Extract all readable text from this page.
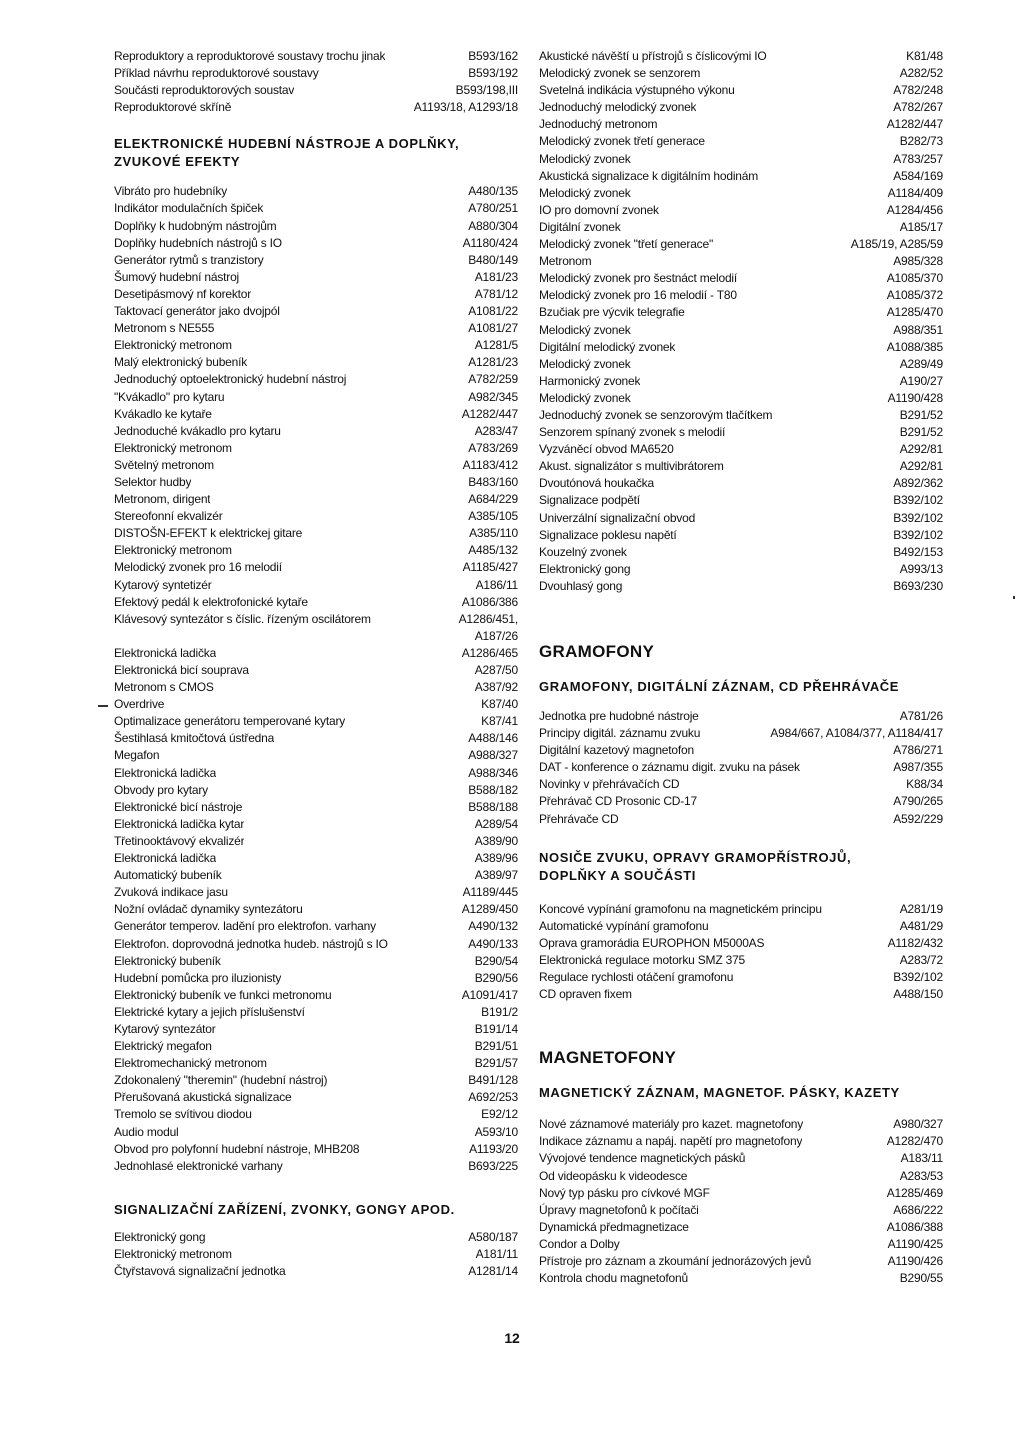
Reproduktory a reproduktorové soustavy trochu jinak	B593/162
Příklad návrhu reproduktorové soustavy	B593/192
Součásti reproduktorových soustav	B593/198,III
Reproduktorové skříně	A1193/18, A1293/18
ELEKTRONICKÉ HUDEBNÍ NÁSTROJE A DOPLŇKY,
ZVUKOVÉ EFEKTY
Vibráto pro hudebníky	A480/135
Indikátor modulačních špiček	A780/251
Doplňky k hudobným nástrojům	A880/304
Doplňky hudebních nástrojů s IO	A1180/424
Generátor rytmů s tranzistory	B480/149
Šumový hudební nástroj	A181/23
Desetipásmový nf korektor	A781/12
Taktovací generátor jako dvojpól	A1081/22
Metronom s NE555	A1081/27
Elektronický metronom	A1281/5
Malý elektronický bubeník	A1281/23
Jednoduchý optoelektronický hudební nástroj	A782/259
"Kvákadlo" pro kytaru	A982/345
Kvákadlo ke kytaře	A1282/447
Jednoduché kvákadlo pro kytaru	A283/47
Elektronický metronom	A783/269
Světelný metronom	A1183/412
Selektor hudby	B483/160
Metronom, dirigent	A684/229
Stereofonní ekvalizér	A385/105
DISTOŠN-EFEKT k elektrickej gitare	A385/110
Elektronický metronom	A485/132
Melodický zvonek pro 16 melodií	A1185/427
Kytarový syntetizér	A186/11
Efektový pedál k elektrofonické kytaře	A1086/386
Klávesový syntezátor s číslic. řízeným oscilátorem	A1286/451,
A187/26
Elektronická ladička	A1286/465
Elektronická bicí souprava	A287/50
Metronom s CMOS	A387/92
Overdrive	K87/40
Optimalizace generátoru temperované kytary	K87/41
Šestihlasá kmitočtová ústředna	A488/146
Megafon	A988/327
Elektronická ladička	A988/346
Obvody pro kytary	B588/182
Elektronické bicí nástroje	B588/188
Elektronická ladička kytar	A289/54
Třetinooktávový ekvalizér	A389/90
Elektronická ladička	A389/96
Automatický bubeník	A389/97
Zvuková indikace jasu	A1189/445
Nožní ovládač dynamiky syntezátoru	A1289/450
Generátor temperov. ladění pro elektrofon. varhany	A490/132
Elektrofon. doprovodná jednotka hudeb. nástrojů s IO	A490/133
Elektronický bubeník	B290/54
Hudební pomůcka pro iluzionisty	B290/56
Elektronický bubeník ve funkci metronomu	A1091/417
Elektrické kytary a jejich příslušenství	B191/2
Kytarový syntezátor	B191/14
Elektrický megafon	B291/51
Elektromechanický metronom	B291/57
Zdokonalený "theremin" (hudební nástroj)	B491/128
Přerušovaná akustická signalizace	A692/253
Tremolo se svítivou diodou	E92/12
Audio modul	A593/10
Obvod pro polyfonní hudební nástroje, MHB208	A1193/20
Jednohlasé elektronické varhany	B693/225
SIGNALIZAČNÍ ZAŘÍZENÍ, ZVONKY, GONGY APOD.
Elektronický gong	A580/187
Elektronický metronom	A181/11
Čtyřstavová signalizační jednotka	A1281/14
Akustické návěští u přístrojů s číslicovými IO	K81/48
Melodický zvonek se senzorem	A282/52
Svetelná indikácia výstupného výkonu	A782/248
Jednoduchý melodický zvonek	A782/267
Jednoduchý metronom	A1282/447
Melodický zvonek třetí generace	B282/73
Melodický zvonek	A783/257
Akustická signalizace k digitálním hodinám	A584/169
Melodický zvonek	A1184/409
IO pro domovní zvonek	A1284/456
Digitální zvonek	A185/17
Melodický zvonek "třetí generace"	A185/19, A285/59
Metronom	A985/328
Melodický zvonek pro šestnáct melodií	A1085/370
Melodický zvonek pro 16 melodií - T80	A1085/372
Bzučiak pre výcvik telegrafie	A1285/470
Melodický zvonek	A988/351
Digitální melodický zvonek	A1088/385
Melodický zvonek	A289/49
Harmonický zvonek	A190/27
Melodický zvonek	A1190/428
Jednoduchý zvonek se senzorovým tlačítkem	B291/52
Senzorem spínaný zvonek s melodií	B291/52
Vyzváněcí obvod MA6520	A292/81
Akust. signalizátor s multivibrátorem	A292/81
Dvoutónová houkačka	A892/362
Signalizace podpětí	B392/102
Univerzální signalizační obvod	B392/102
Signalizace poklesu napětí	B392/102
Kouzelný zvonek	B492/153
Elektronický gong	A993/13
Dvouhlasý gong	B693/230
GRAMOFONY
GRAMOFONY, DIGITÁLNÍ ZÁZNAM, CD PŘEHRÁVAČE
Jednotka pre hudobné nástroje	A781/26
Principy digitál. záznamu zvuku	A984/667, A1084/377, A1184/417
Digitální kazetový magnetofon	A786/271
DAT - konference o záznamu digit. zvuku na pásek	A987/355
Novinky v přehrávačích CD	K88/34
Přehrávač CD Prosonic CD-17	A790/265
Přehrávače CD	A592/229
NOSIČE ZVUKU, OPRAVY GRAMOPŘÍSTROJŮ,
DOPLŇKY A SOUČÁSTI
Koncové vypínání gramofonu na magnetickém principu	A281/19
Automatické vypínání gramofonu	A481/29
Oprava gramorádia EUROPHON M5000AS	A1182/432
Elektronická regulace motorku SMZ 375	A283/72
Regulace rychlosti otáčení gramofonu	B392/102
CD opraven fixem	A488/150
MAGNETOFONY
MAGNETICKÝ ZÁZNAM, MAGNETOF. PÁSKY, KAZETY
Nové záznamové materiály pro kazet. magnetofony	A980/327
Indikace záznamu a napáj. napětí pro magnetofony	A1282/470
Vývojové tendence magnetických pásků	A183/11
Od videopásku k videodesce	A283/53
Nový typ pásku pro cívkové MGF	A1285/469
Úpravy magnetofonů k počítači	A686/222
Dynamická předmagnetizace	A1086/388
Condor a Dolby	A1190/425
Přístroje pro záznam a zkoumání jednorázových jevů	A1190/426
Kontrola chodu magnetofonů	B290/55
12
